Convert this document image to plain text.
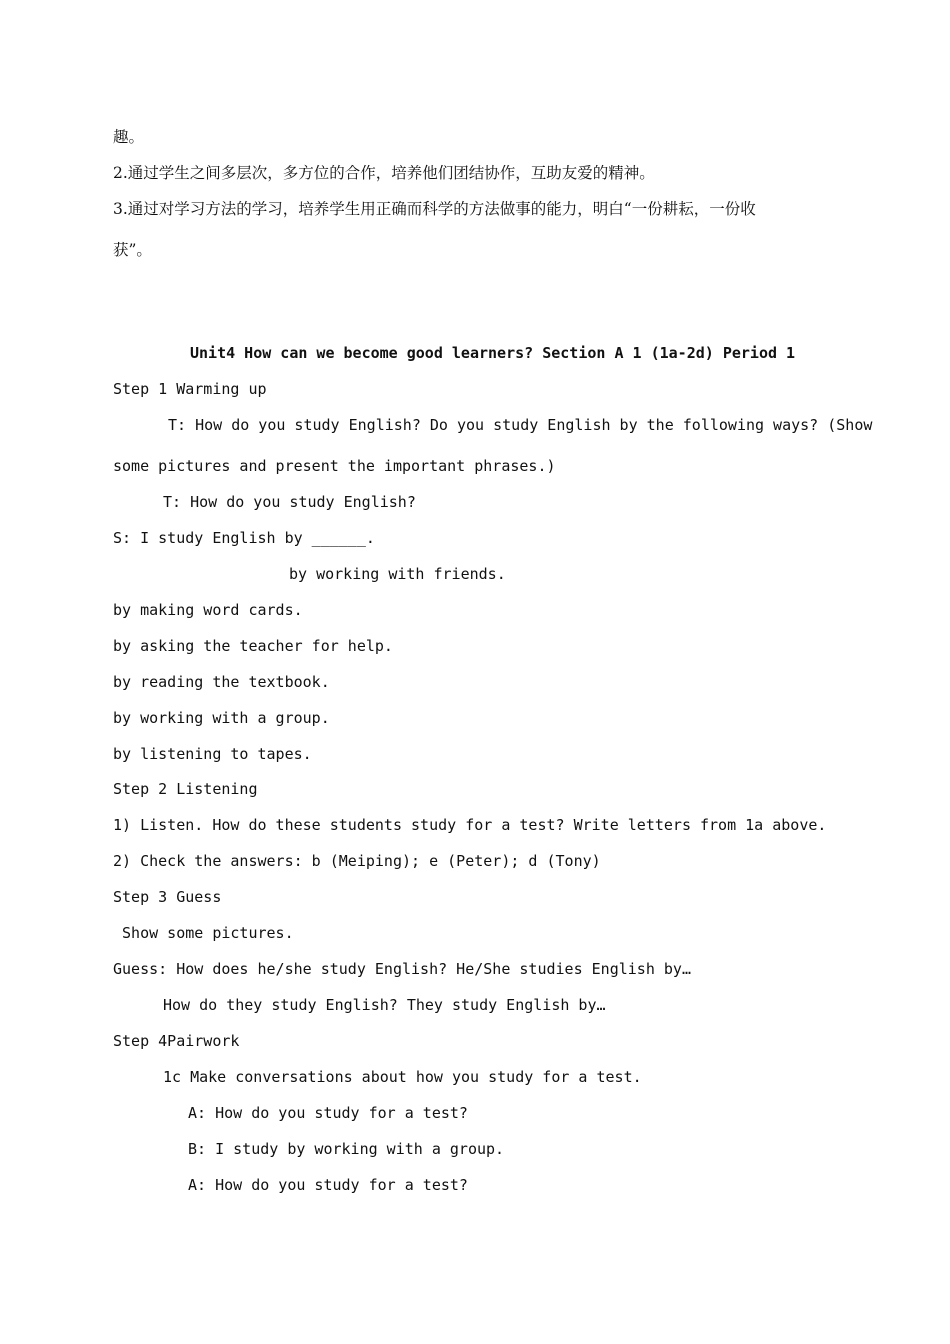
趣。
2.通过学生之间多层次，多方位的合作，培养他们团结协作，互助友爱的精神。
3.通过对学习方法的学习，培养学生用正确而科学的方法做事的能力，明白“一份耕耘，一份收
获”。
Unit4 How can we become good learners? Section A 1 (1a-2d) Period 1
Step 1 Warming up
T: How do you study English? Do you study English by the following ways? (Show
some pictures and present the important phrases.)
T: How do you study English?
S: I study English by ______.
by working with friends.
by making word cards.
by asking the teacher for help.
by reading the textbook.
by working with a group.
by listening to tapes.
Step 2 Listening
1) Listen. How do these students study for a test? Write letters from 1a above.
2) Check the answers: b (Meiping); e (Peter); d (Tony)
Step 3 Guess
Show some pictures.
Guess: How does he/she study English? He/She studies English by…
How do they study English? They study English by…
Step 4Pairwork
1c Make conversations about how you study for a test.
A: How do you study for a test?
B: I study by working with a group.
A: How do you study for a test?
